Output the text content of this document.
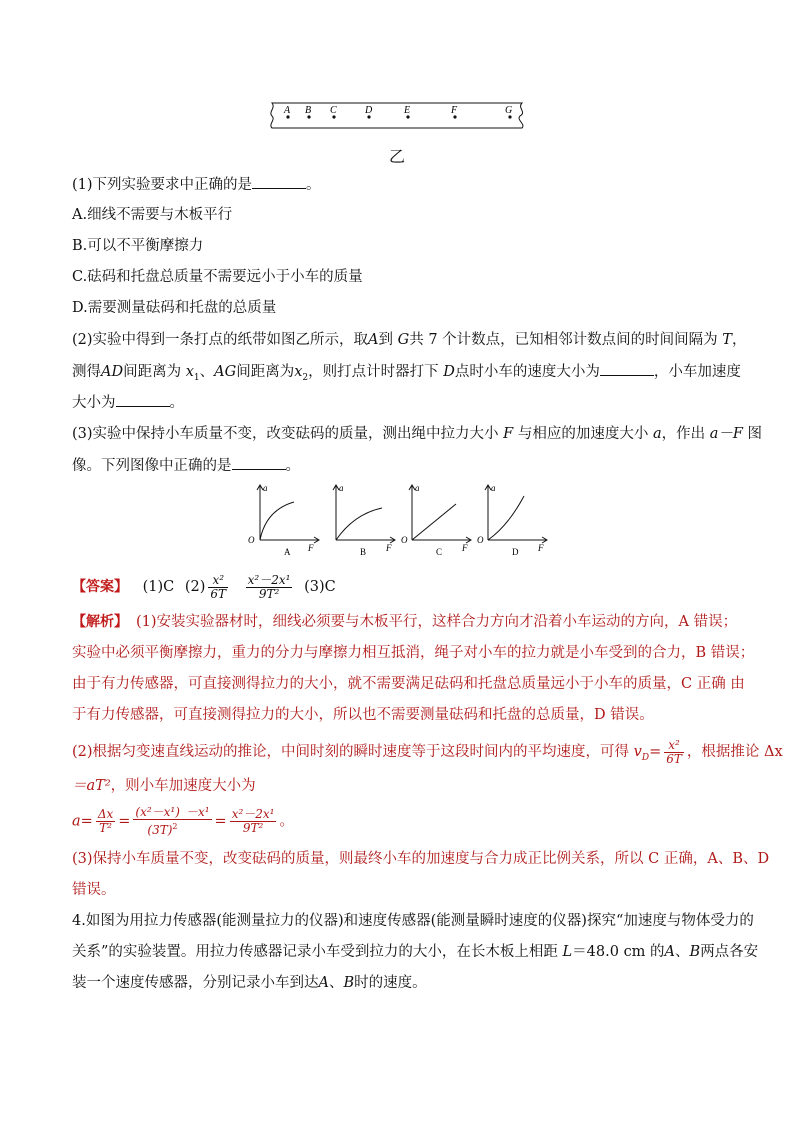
A B C	D	E	F	G
乙
(1)下列实验要求中正确的是	。
A.细线不需要与木板平行
B.可以不平衡摩擦力
C.砝码和托盘总质量不需要远小于小车的质量
D.需要测量砝码和托盘的总质量
(2)实验中得到一条打点的纸带如图乙所示，取A到 G共 7 个计数点，已知相邻计数点间的时间间隔为 T，
测得AD间距离为 $x_1$、AG间距离为$x_2$，则打点计时器打下 D点时小车的速度大小为	，小车加速度
大小为	。
(3)实验中保持小车质量不变，改变砝码的质量，测出绳中拉力大小 F 与相应的加速度大小 a，作出 a－F 图
像。下列图像中正确的是	。
a
F
O
A
a
F
B
a
F
O
C
a
F
O
D
【答案】 (1)C $(2) \frac{\text{x²}}{6T}$
$\frac{\text{x²－2x¹}}{\text{9T²}} (3)C$
【解析】 (1)安装实验器材时，细线必须要与木板平行，这样合力方向才沿着小车运动的方向，A 错误；
实验中必须平衡摩擦力，重力的分力与摩擦力相互抵消，绳子对小车的拉力就是小车受到的合力，B 错误；
由于有力传感器，可直接测得拉力的大小，就不需要满足砝码和托盘总质量远小于小车的质量，C 正确 由
于有力传感器，可直接测得拉力的大小，所以也不需要测量砝码和托盘的总质量，D 错误。
(2)根据匀变速直线运动的推论，中间时刻的瞬时速度等于这段时间内的平均速度，可得 $v_D= \frac{\text{x²}}{6T}$ ，根据推论 Δx
＝aT²，则小车加速度大小为
$a= \frac{\Delta x}{\text{T²}} = \frac{\text{(x²－x¹) －x¹}}{(3T)^2} = \frac{\text{x²－2x¹}}{\text{9T²}}$ 。
(3)保持小车质量不变，改变砝码的质量，则最终小车的加速度与合力成正比例关系，所以 C 正确，A、B、D
错误。
4.如图为用拉力传感器(能测量拉力的仪器)和速度传感器(能测量瞬时速度的仪器)探究“加速度与物体受力的
关系”的实验装置。用拉力传感器记录小车受到拉力的大小，在长木板上相距 L＝48.0 cm 的A、B两点各安
装一个速度传感器，分别记录小车到达A、B时的速度。
